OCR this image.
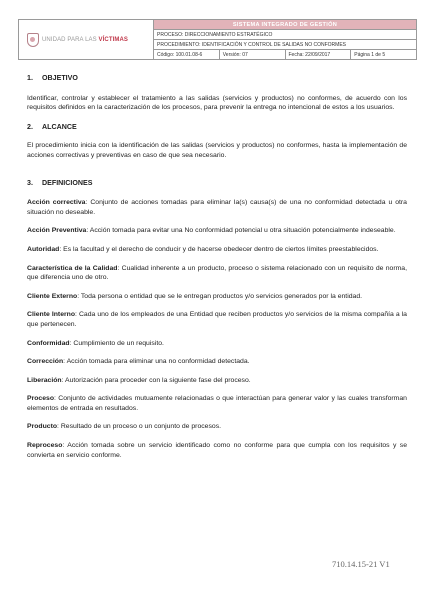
UNIDAD PARA LAS VÍCTIMAS
SISTEMA INTEGRADO DE GESTIÓN
PROCESO: DIRECCIONAMIENTO ESTRATÉGICO
PROCEDIMIENTO: IDENTIFICACIÓN Y CONTROL DE SALIDAS NO CONFORMES
Código: 100.01.08-6	Versión: 07	Fecha: 22/09/2017	Página 1 de 5
1. OBJETIVO

Identificar, controlar y establecer el tratamiento a las salidas (servicios y productos) no conformes, de acuerdo con los requisitos definidos en la caracterización de los procesos, para prevenir la entrega no intencional de estos a los usuarios.

2. ALCANCE

El procedimiento inicia con la identificación de las salidas (servicios y productos) no conformes, hasta la implementación de acciones correctivas y preventivas en caso de que sea necesario.

3. DEFINICIONES

Acción correctiva: Conjunto de acciones tomadas para eliminar la(s) causa(s) de una no conformidad detectada u otra situación no deseable.

Acción Preventiva: Acción tomada para evitar una No conformidad potencial u otra situación potencialmente indeseable.

Autoridad: Es la facultad y el derecho de conducir y de hacerse obedecer dentro de ciertos límites preestablecidos.

Característica de la Calidad: Cualidad inherente a un producto, proceso o sistema relacionado con un requisito de norma, que diferencia uno de otro.

Cliente Externo: Toda persona o entidad que se le entregan productos y/o servicios generados por la entidad.

Cliente Interno: Cada uno de los empleados de una Entidad que reciben productos y/o servicios de la misma compañía a la que pertenecen.

Conformidad: Cumplimiento de un requisito.

Corrección: Acción tomada para eliminar una no conformidad detectada.

Liberación: Autorización para proceder con la siguiente fase del proceso.

Proceso: Conjunto de actividades mutuamente relacionadas o que interactúan para generar valor y las cuales transforman elementos de entrada en resultados.

Producto: Resultado de un proceso o un conjunto de procesos.

Reproceso: Acción tomada sobre un servicio identificado como no conforme para que cumpla con los requisitos y se convierta en servicio conforme.

710.14.15-21 V1
